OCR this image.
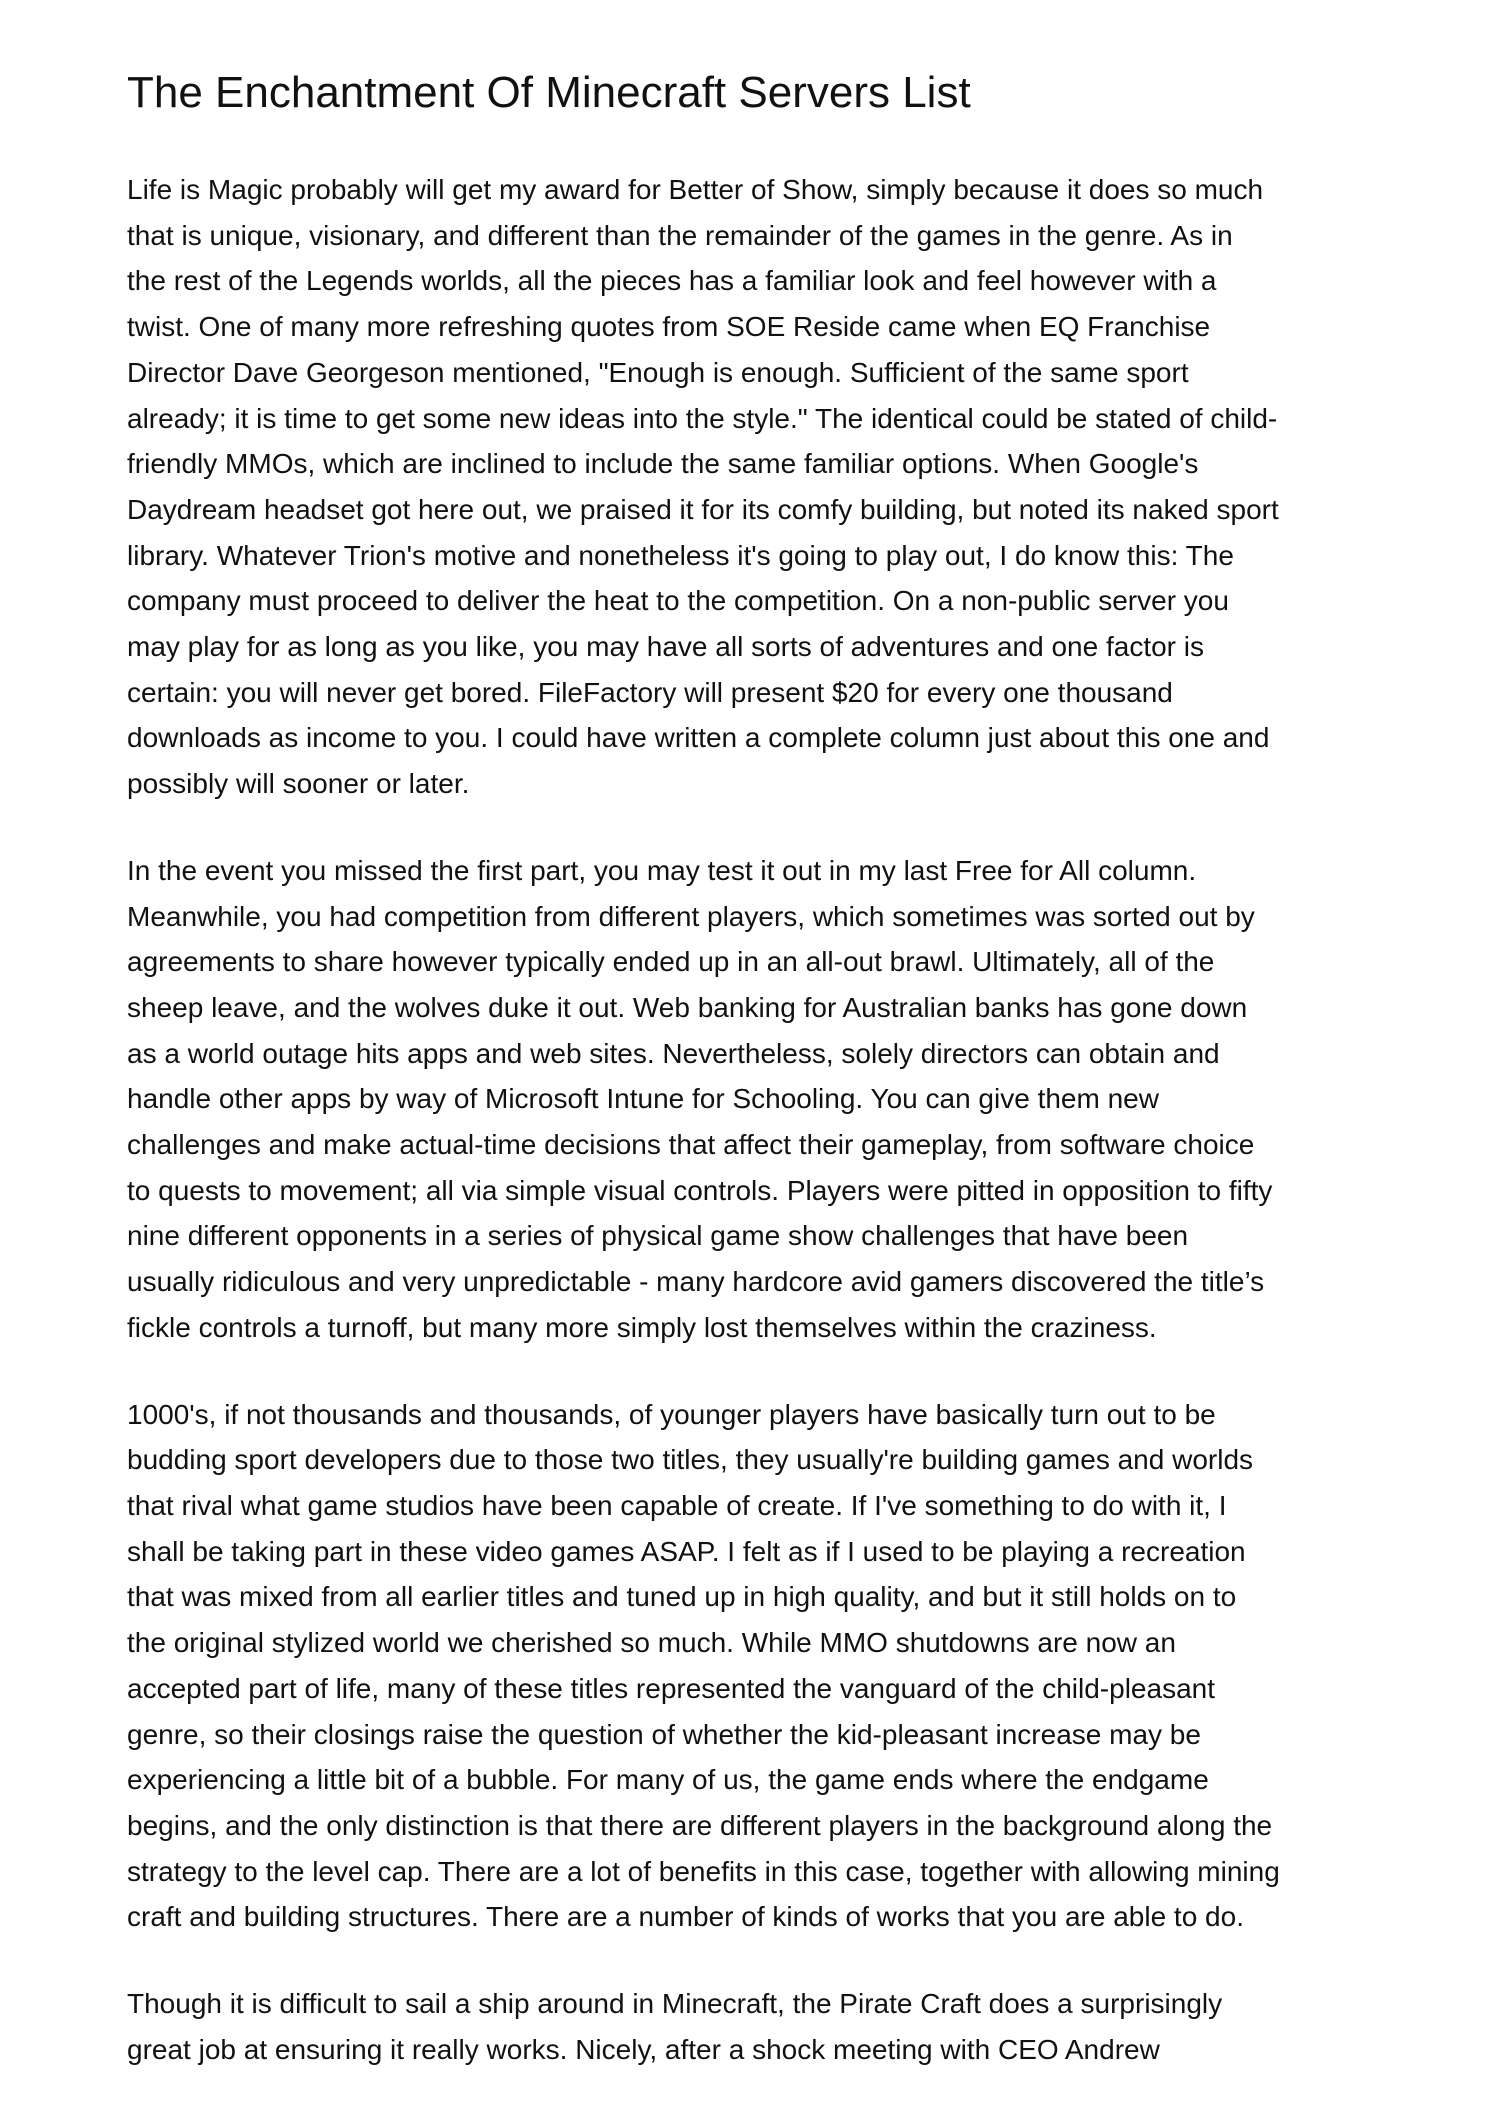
The Enchantment Of Minecraft Servers List

Life is Magic probably will get my award for Better of Show, simply because it does so much
that is unique, visionary, and different than the remainder of the games in the genre. As in
the rest of the Legends worlds, all the pieces has a familiar look and feel however with a
twist. One of many more refreshing quotes from SOE Reside came when EQ Franchise
Director Dave Georgeson mentioned, "Enough is enough. Sufficient of the same sport
already; it is time to get some new ideas into the style." The identical could be stated of child-
friendly MMOs, which are inclined to include the same familiar options. When Google's
Daydream headset got here out, we praised it for its comfy building, but noted its naked sport
library. Whatever Trion's motive and nonetheless it's going to play out, I do know this: The
company must proceed to deliver the heat to the competition. On a non-public server you
may play for as long as you like, you may have all sorts of adventures and one factor is
certain: you will never get bored. FileFactory will present $20 for every one thousand
downloads as income to you. I could have written a complete column just about this one and
possibly will sooner or later.

In the event you missed the first part, you may test it out in my last Free for All column.
Meanwhile, you had competition from different players, which sometimes was sorted out by
agreements to share however typically ended up in an all-out brawl. Ultimately, all of the
sheep leave, and the wolves duke it out. Web banking for Australian banks has gone down
as a world outage hits apps and web sites. Nevertheless, solely directors can obtain and
handle other apps by way of Microsoft Intune for Schooling. You can give them new
challenges and make actual-time decisions that affect their gameplay, from software choice
to quests to movement; all via simple visual controls. Players were pitted in opposition to fifty
nine different opponents in a series of physical game show challenges that have been
usually ridiculous and very unpredictable - many hardcore avid gamers discovered the title’s
fickle controls a turnoff, but many more simply lost themselves within the craziness.

1000's, if not thousands and thousands, of younger players have basically turn out to be
budding sport developers due to those two titles, they usually're building games and worlds
that rival what game studios have been capable of create. If I've something to do with it, I
shall be taking part in these video games ASAP. I felt as if I used to be playing a recreation
that was mixed from all earlier titles and tuned up in high quality, and but it still holds on to
the original stylized world we cherished so much. While MMO shutdowns are now an
accepted part of life, many of these titles represented the vanguard of the child-pleasant
genre, so their closings raise the question of whether the kid-pleasant increase may be
experiencing a little bit of a bubble. For many of us, the game ends where the endgame
begins, and the only distinction is that there are different players in the background along the
strategy to the level cap. There are a lot of benefits in this case, together with allowing mining
craft and building structures. There are a number of kinds of works that you are able to do.

Though it is difficult to sail a ship around in Minecraft, the Pirate Craft does a surprisingly
great job at ensuring it really works. Nicely, after a shock meeting with CEO Andrew
